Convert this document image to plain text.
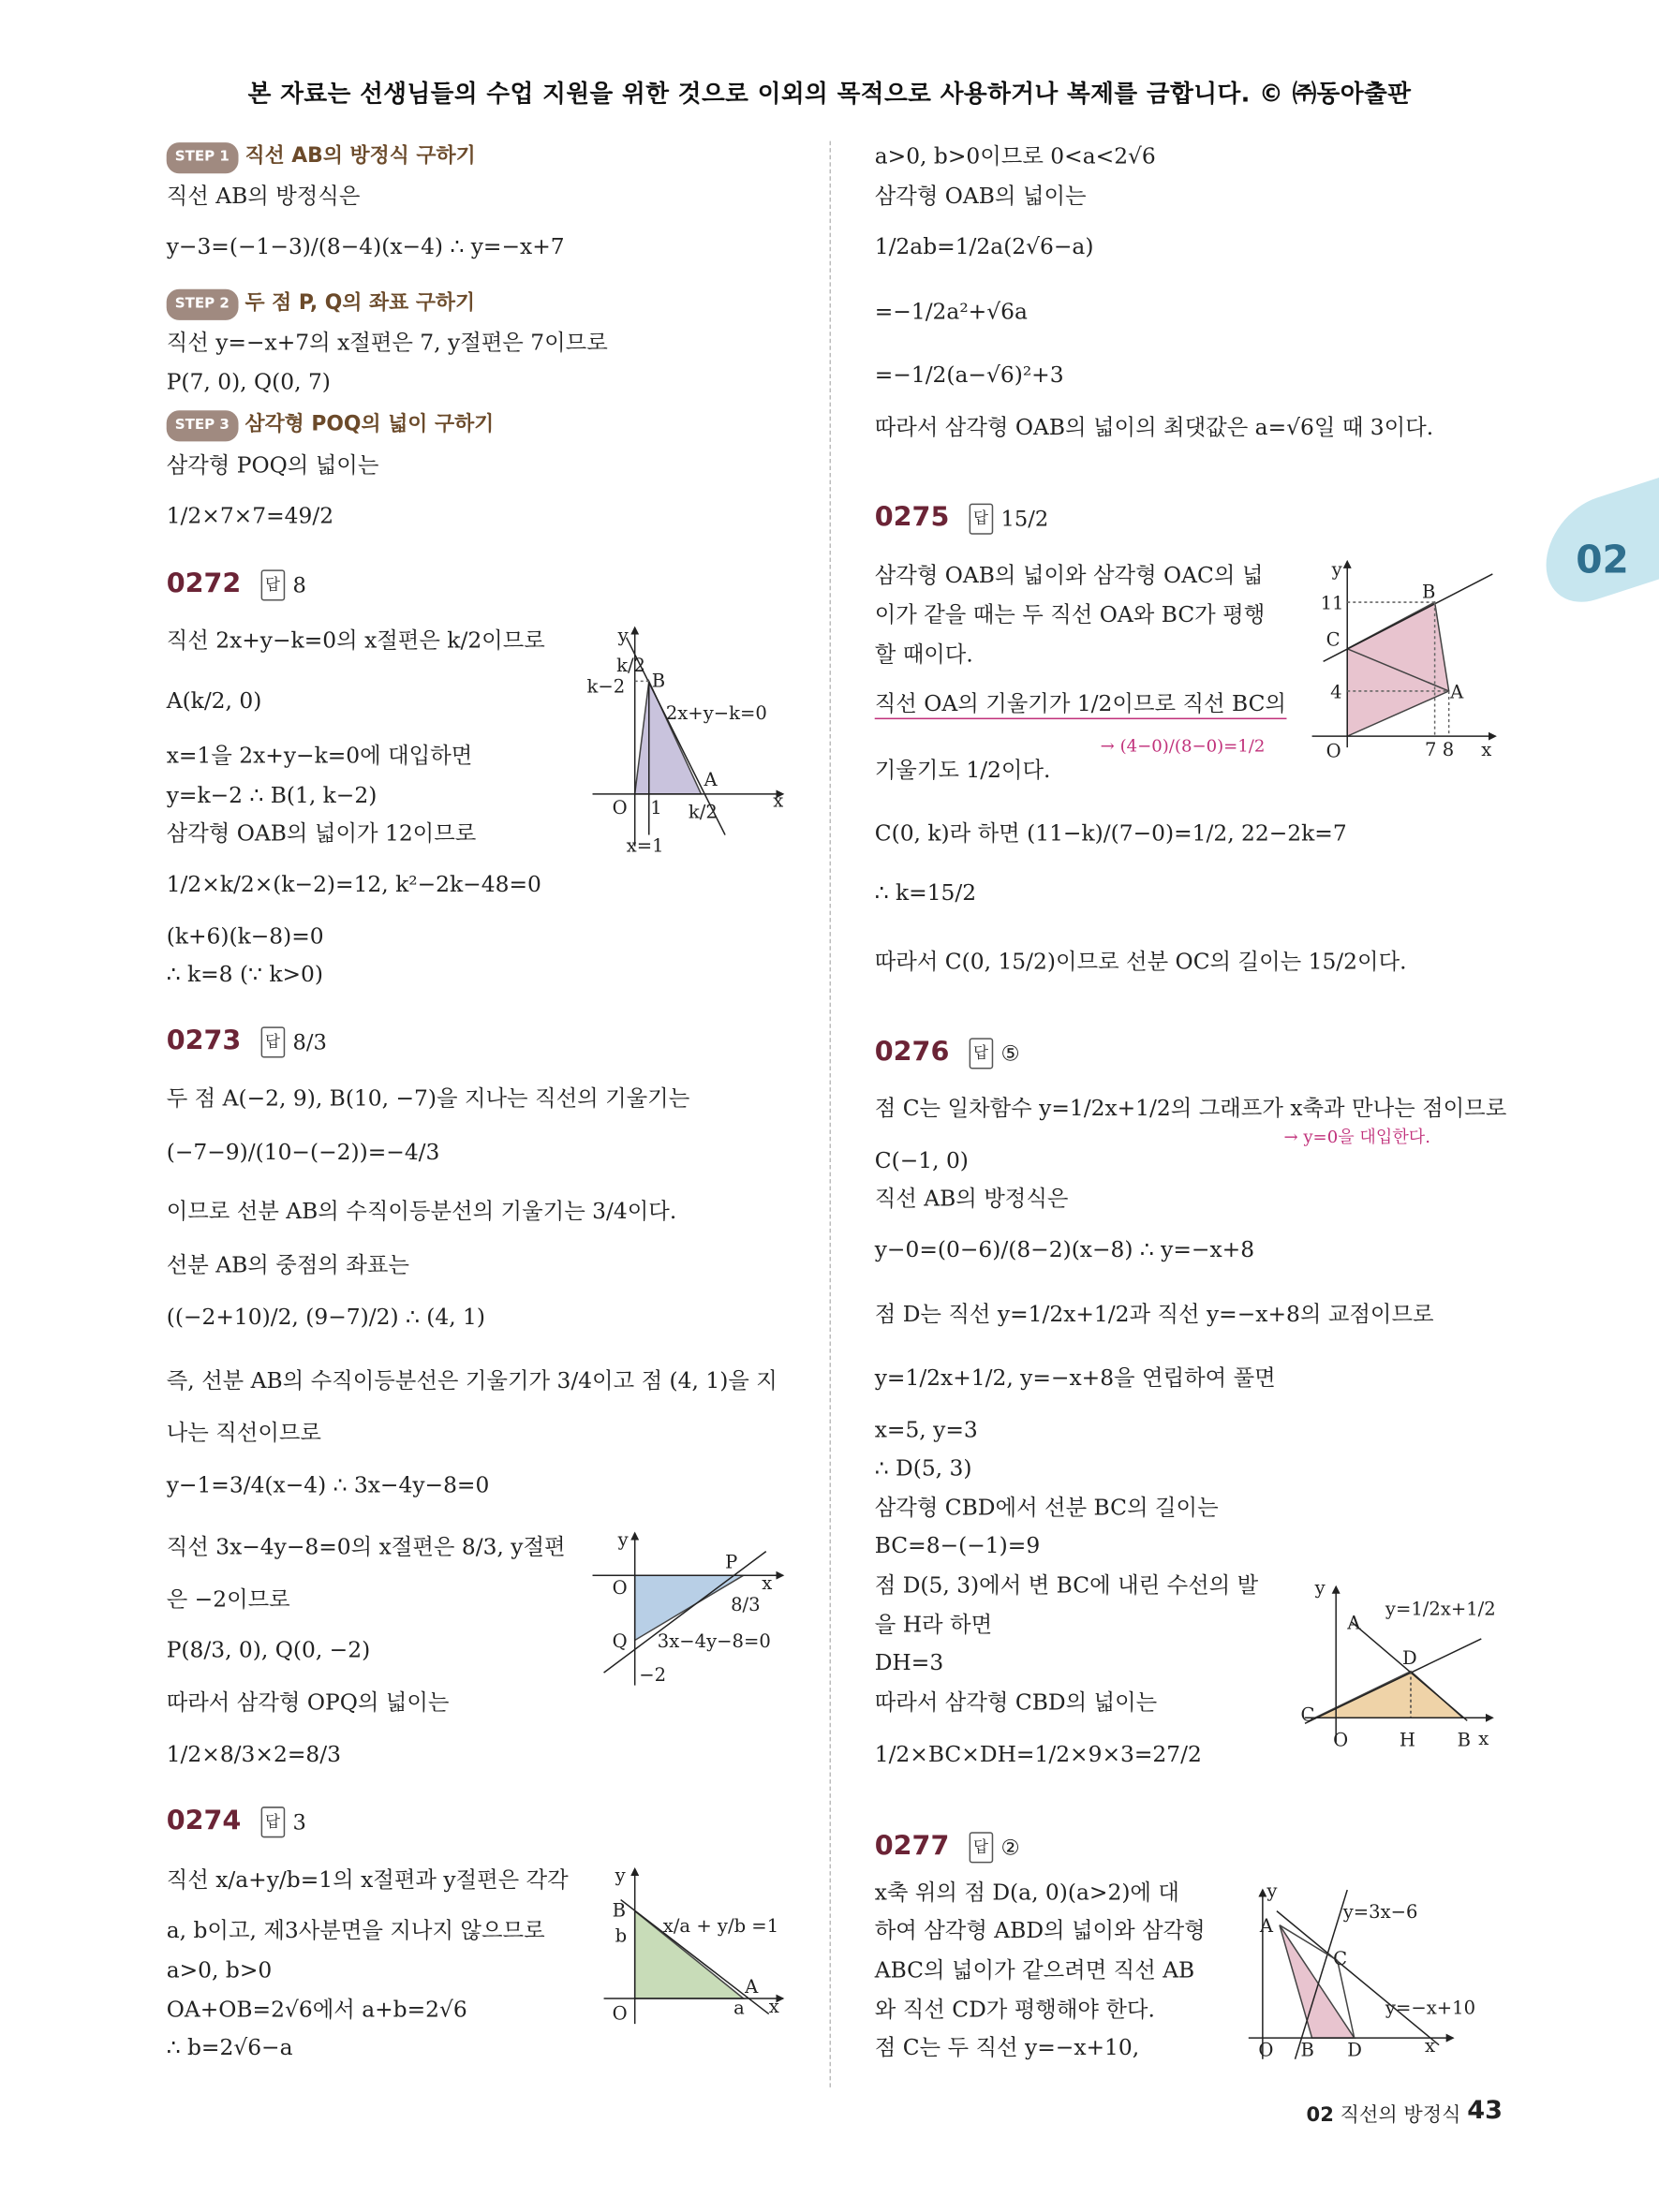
본 자료는 선생님들의 수업 지원을 위한 것으로 이외의 목적으로 사용하거나 복제를 금합니다. © ㈜동아출판
02
STEP 1 직선 AB의 방정식 구하기
직선 AB의 방정식은
y−3=(−1−3)/(8−4)(x−4) ∴ y=−x+7
STEP 2 두 점 P, Q의 좌표 구하기
직선 y=−x+7의 x절편은 7, y절편은 7이므로
P(7, 0), Q(0, 7)
STEP 3 삼각형 POQ의 넓이 구하기
삼각형 POQ의 넓이는
1/2×7×7=49/2
0272 답 8
직선 2x+y−k=0의 x절편은 k/2이므로
A(k/2, 0)
x=1을 2x+y−k=0에 대입하면
y=k−2 ∴ B(1, k−2)
삼각형 OAB의 넓이가 12이므로
1/2×k/2×(k−2)=12, k²−2k−48=0
(k+6)(k−8)=0
∴ k=8 (∵ k>0)
0273 답 8/3
두 점 A(−2, 9), B(10, −7)을 지나는 직선의 기울기는
(−7−9)/(10−(−2))=−4/3
이므로 선분 AB의 수직이등분선의 기울기는 3/4이다.
선분 AB의 중점의 좌표는
((−2+10)/2, (9−7)/2) ∴ (4, 1)
즉, 선분 AB의 수직이등분선은 기울기가 3/4이고 점 (4, 1)을 지
나는 직선이므로
y−1=3/4(x−4) ∴ 3x−4y−8=0
직선 3x−4y−8=0의 x절편은 8/3, y절편
은 −2이므로
P(8/3, 0), Q(0, −2)
따라서 삼각형 OPQ의 넓이는
1/2×8/3×2=8/3
0274 답 3
직선 x/a+y/b=1의 x절편과 y절편은 각각
a, b이고, 제3사분면을 지나지 않으므로
a>0, b>0
OA+OB=2√6에서 a+b=2√6
∴ b=2√6−a
a>0, b>0이므로 0<a<2√6
삼각형 OAB의 넓이는
1/2ab=1/2a(2√6−a)
=−1/2a²+√6a
=−1/2(a−√6)²+3
따라서 삼각형 OAB의 넓이의 최댓값은 a=√6일 때 3이다.
0275 답 15/2
삼각형 OAB의 넓이와 삼각형 OAC의 넓
이가 같을 때는 두 직선 OA와 BC가 평행
할 때이다.
직선 OA의 기울기가 1/2이므로 직선 BC의
→ (4−0)/(8−0)=1/2
기울기도 1/2이다.
C(0, k)라 하면 (11−k)/(7−0)=1/2, 22−2k=7
∴ k=15/2
따라서 C(0, 15/2)이므로 선분 OC의 길이는 15/2이다.
0276 답 ⑤
점 C는 일차함수 y=1/2x+1/2의 그래프가 x축과 만나는 점이므로
→ y=0을 대입한다.
C(−1, 0)
직선 AB의 방정식은
y−0=(0−6)/(8−2)(x−8) ∴ y=−x+8
점 D는 직선 y=1/2x+1/2과 직선 y=−x+8의 교점이므로
y=1/2x+1/2, y=−x+8을 연립하여 풀면
x=5, y=3
∴ D(5, 3)
삼각형 CBD에서 선분 BC의 길이는
BC=8−(−1)=9
점 D(5, 3)에서 변 BC에 내린 수선의 발
을 H라 하면
DH=3
따라서 삼각형 CBD의 넓이는
1/2×BC×DH=1/2×9×3=27/2
0277 답 ②
x축 위의 점 D(a, 0)(a>2)에 대
하여 삼각형 ABD의 넓이와 삼각형
ABC의 넓이가 같으려면 직선 AB
와 직선 CD가 평행해야 한다.
점 C는 두 직선 y=−x+10,
y
x
O 1
k−2
k/2
k/2
B
A
2x+y−k=0
x=1
y
x
O
P
8/3
Q 3x−4y−8=0
−2
y
x
O
B
b
A
a
x/a + y/b =1
y
x
O
C
B
A
11
4
7 8
y
x
O
C
A
D
H	B
y=1/2x+1/2
y
x
O
A
B
C
D
y=3x−6
y=−x+10
02 직선의 방정식 43
